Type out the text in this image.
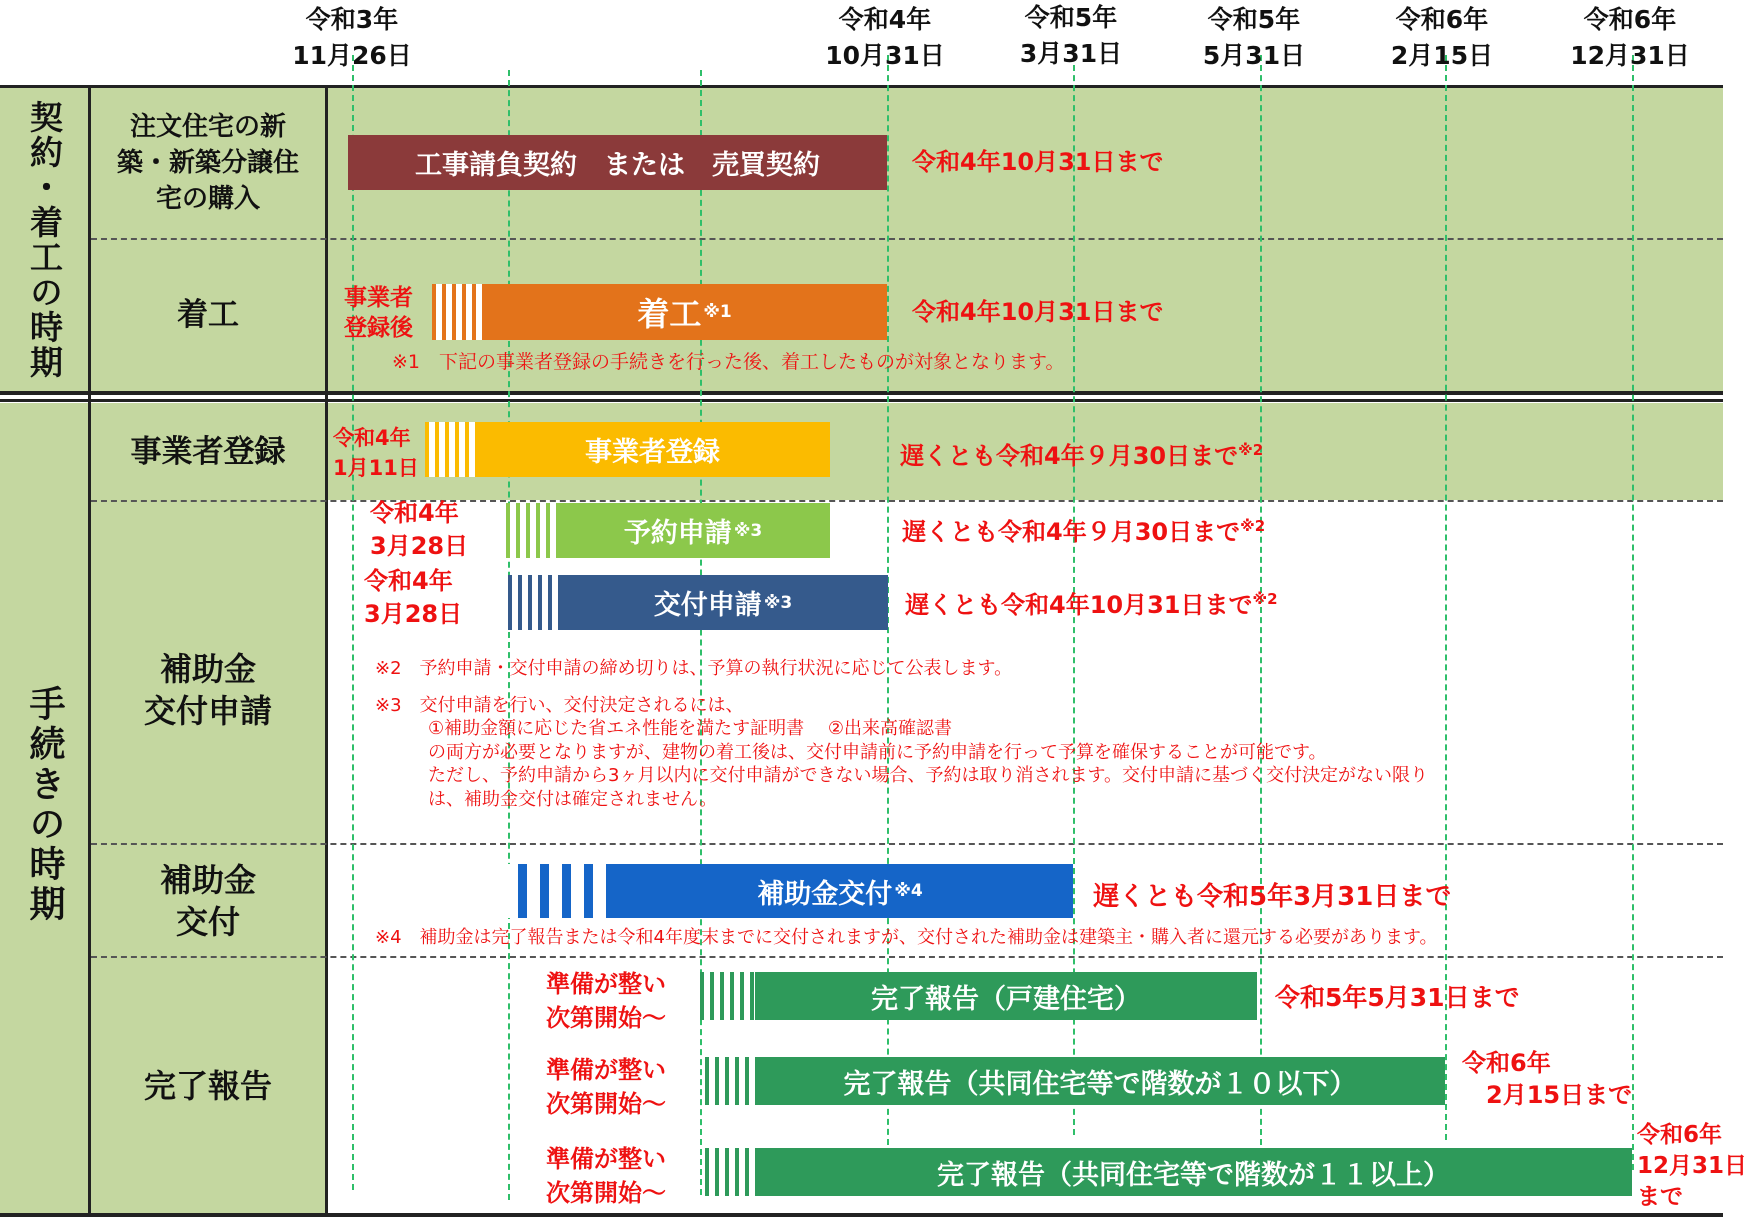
令和3年
11月26日
令和4年
10月31日
令和5年
3月31日
令和5年
5月31日
令和6年
2月15日
令和6年
12月31日
契約・着工の時期
手続きの時期
注文住宅の新
築・新築分譲住
宅の購入
着工
事業者登録
補助金
交付申請
補助金
交付
完了報告
工事請負契約　または　売買契約	令和4年10月31日まで
事業者
登録後	着工 ※1	令和4年10月31日まで
※1　下記の事業者登録の手続きを行った後、着工したものが対象となります。
令和4年
1月11日	事業者登録	遅くとも令和4年９月30日まで$^{※2}$
令和4年
3月28日	予約申請 ※3	遅くとも令和4年９月30日まで$^{※2}$
令和4年
3月28日	交付申請 ※3	遅くとも令和4年10月31日まで$^{※2}$
※2　予約申請・交付申請の締め切りは、予算の執行状況に応じて公表します。
※3　交付申請を行い、交付決定されるには、
①補助金額に応じた省エネ性能を満たす証明書　 ②出来高確認書
の両方が必要となりますが、建物の着工後は、交付申請前に予約申請を行って予算を確保することが可能です。
ただし、予約申請から3ヶ月以内に交付申請ができない場合、予約は取り消されます。交付申請に基づく交付決定がない限り
は、補助金交付は確定されません。
補助金交付 ※4	遅くとも令和5年3月31日まで
※4　補助金は完了報告または令和4年度末までに交付されますが、交付された補助金は建築主・購入者に還元する必要があります。
準備が整い
次第開始～
完了報告（戸建住宅）	令和5年5月31日まで
準備が整い
次第開始～
完了報告（共同住宅等で階数が１０以下）
令和6年
　2月15日まで
準備が整い
次第開始～
完了報告（共同住宅等で階数が１１以上）
令和6年
12月31日
まで
